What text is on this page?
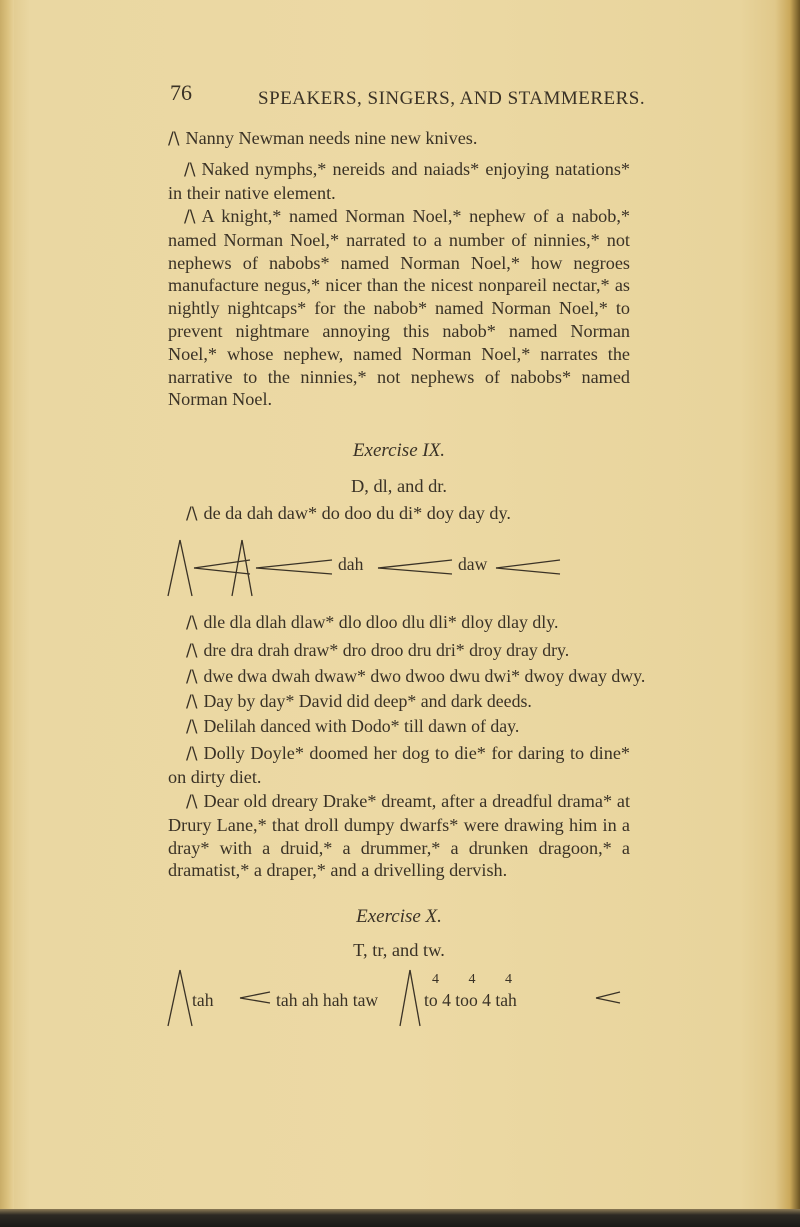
76	SPEAKERS, SINGERS, AND STAMMERERS.
/\ Nanny Newman needs nine new knives.
/\ Naked nymphs,* nereids and naiads* enjoying natations* in their native element.
/\ A knight,* named Norman Noel,* nephew of a nabob,* named Norman Noel,* narrated to a number of ninnies,* not nephews of nabobs* named Norman Noel,* how negroes manufacture negus,* nicer than the nicest nonpareil nectar,* as nightly nightcaps* for the nabob* named Norman Noel,* to prevent nightmare annoying this nabob* named Norman Noel,* whose nephew, named Norman Noel,* narrates the narrative to the ninnies,* not nephews of nabobs* named Norman Noel.
Exercise IX.
D, dl, and dr.
/\ de da dah daw* do doo du di* doy day dy.
dah	daw
/\ dle dla dlah dlaw* dlo dloo dlu dli* dloy dlay dly.
/\ dre dra drah draw* dro droo dru dri* droy dray dry.
/\ dwe dwa dwah dwaw* dwo dwoo dwu dwi* dwoy dway dwy.
/\ Day by day* David did deep* and dark deeds.
/\ Delilah danced with Dodo* till dawn of day.
/\ Dolly Doyle* doomed her dog to die* for daring to dine* on dirty diet.
/\ Dear old dreary Drake* dreamt, after a dreadful drama* at Drury Lane,* that droll dumpy dwarfs* were drawing him in a dray* with a druid,* a drummer,* a drunken dragoon,* a dramatist,* a draper,* and a drivelling dervish.
Exercise X.
T, tr, and tw.
tah	tah ah hah taw
4 4 4
to 4 too 4 tah
